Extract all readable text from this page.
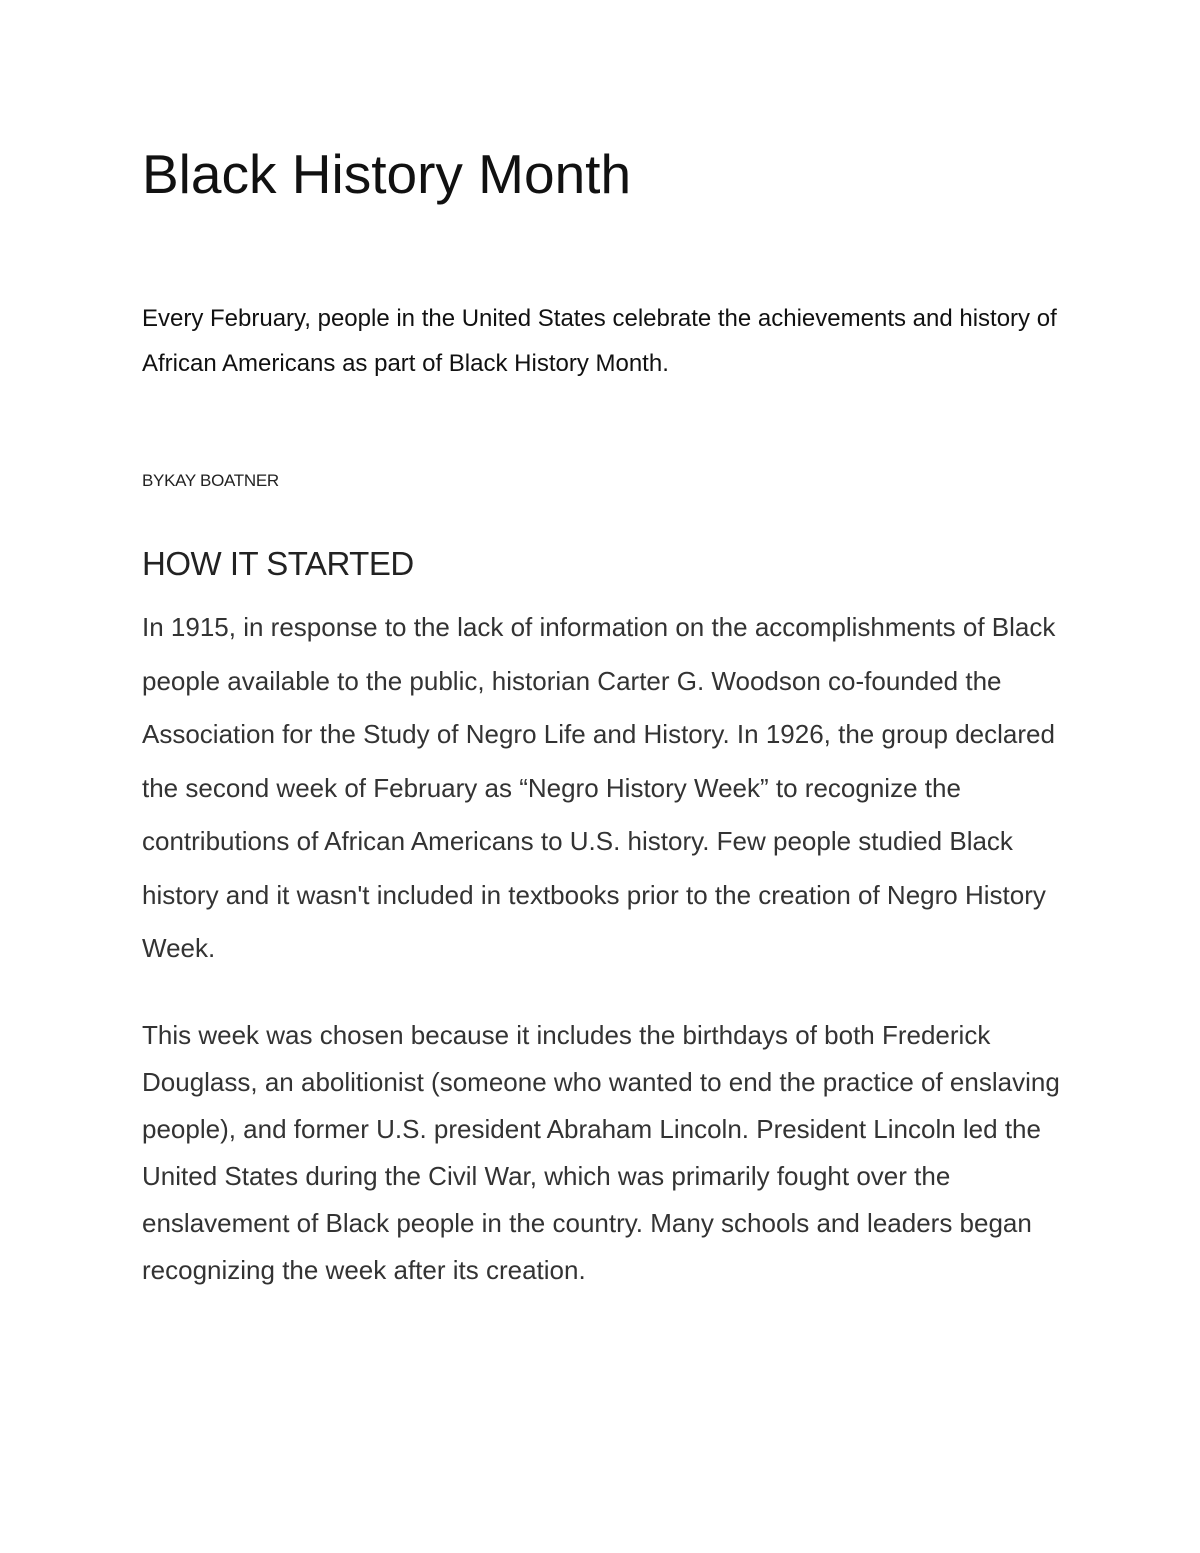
Black History Month

Every February, people in the United States celebrate the achievements and history of African Americans as part of Black History Month.

BYKAY BOATNER

HOW IT STARTED

In 1915, in response to the lack of information on the accomplishments of Black people available to the public, historian Carter G. Woodson co-founded the Association for the Study of Negro Life and History. In 1926, the group declared the second week of February as “Negro History Week” to recognize the contributions of African Americans to U.S. history. Few people studied Black history and it wasn't included in textbooks prior to the creation of Negro History Week.

This week was chosen because it includes the birthdays of both Frederick Douglass, an abolitionist (someone who wanted to end the practice of enslaving people), and former U.S. president Abraham Lincoln. President Lincoln led the United States during the Civil War, which was primarily fought over the enslavement of Black people in the country. Many schools and leaders began recognizing the week after its creation.
